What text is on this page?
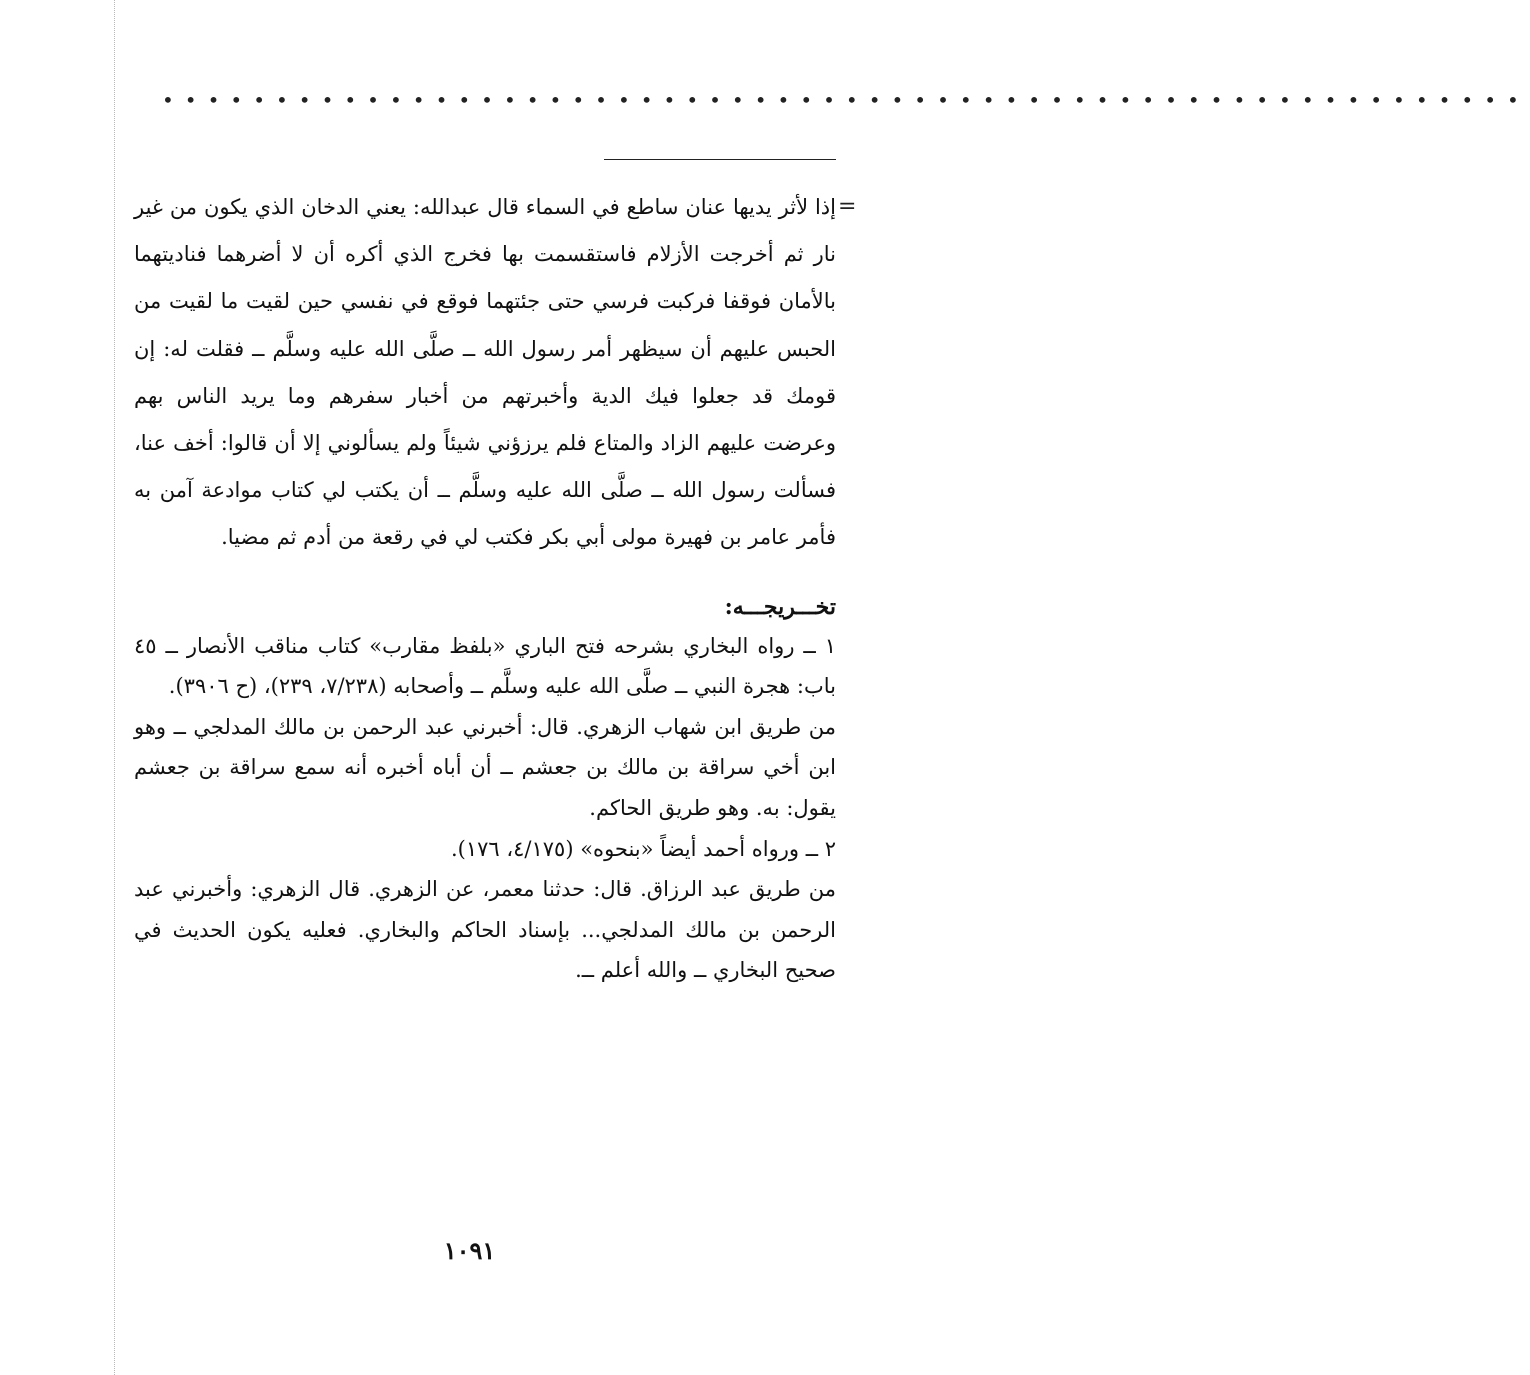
••••••••••••••••••••••••••••••••••••••••••••••••••••••••••••
=

إذا لأثر يديها عنان ساطع في السماء قال عبدالله: يعني الدخان الذي يكون من غير نار ثم أخرجت الأزلام فاستقسمت بها فخرج الذي أكره أن لا أضرهما فناديتهما بالأمان فوقفا فركبت فرسي حتى جئتهما فوقع في نفسي حين لقيت ما لقيت من الحبس عليهم أن سيظهر أمر رسول الله ــ صلَّى الله عليه وسلَّم ــ فقلت له: إن قومك قد جعلوا فيك الدية وأخبرتهم من أخبار سفرهم وما يريد الناس بهم وعرضت عليهم الزاد والمتاع فلم يرزؤني شيئاً ولم يسألوني إلا أن قالوا: أخف عنا، فسألت رسول الله ــ صلَّى الله عليه وسلَّم ــ أن يكتب لي كتاب موادعة آمن به فأمر عامر بن فهيرة مولى أبي بكر فكتب لي في رقعة من أدم ثم مضيا.

تخـــريجـــه:

١ ــ رواه البخاري بشرحه فتح الباري «بلفظ مقارب» كتاب مناقب الأنصار ــ ٤٥ باب: هجرة النبي ــ صلَّى الله عليه وسلَّم ــ وأصحابه (٧/٢٣٨، ٢٣٩)، (ح ٣٩٠٦).

من طريق ابن شهاب الزهري. قال: أخبرني عبد الرحمن بن مالك المدلجي ــ وهو ابن أخي سراقة بن مالك بن جعشم ــ أن أباه أخبره أنه سمع سراقة بن جعشم يقول: به. وهو طريق الحاكم.

٢ ــ ورواه أحمد أيضاً «بنحوه» (٤/١٧٥، ١٧٦).

من طريق عبد الرزاق. قال: حدثنا معمر، عن الزهري. قال الزهري: وأخبرني عبد الرحمن بن مالك المدلجي... بإسناد الحاكم والبخاري. فعليه يكون الحديث في صحيح البخاري ــ والله أعلم ــ.

١٠٩١
